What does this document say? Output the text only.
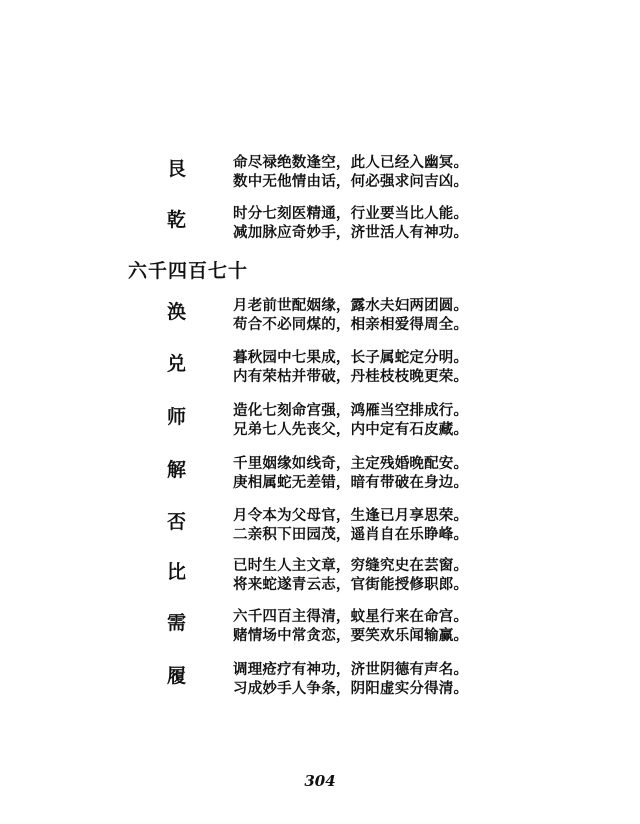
艮	命尽禄绝数逢空，此人已经入幽冥。
数中无他情由话，何必强求问吉凶。
乾	时分七刻医精通，行业要当比人能。
减加脉应奇妙手，济世活人有神功。
六千四百七十
涣	月老前世配姻缘，露水夫妇两团圆。
苟合不必同煤的，相亲相爱得周全。
兑	暮秋园中七果成，长子属蛇定分明。
内有荣枯并带破，丹桂枝枝晚更荣。
师	造化七刻命宫强，鸿雁当空排成行。
兄弟七人先丧父，内中定有石皮藏。
解	千里姻缘如线奇，主定残婚晚配安。
庚相属蛇无差错，暗有带破在身边。
否	月令本为父母官，生逢已月享思荣。
二亲积下田园茂，遥肖自在乐睁峰。
比	已时生人主文章，穷缝究史在芸窗。
将来蛇遂青云志，官街能授修职郎。
需	六千四百主得清，蚊星行来在命宫。
赌情场中常贪恋，要笑欢乐闻输赢。
履	调理疮疗有神功，济世阴德有声名。
习成妙手人争条，阴阳虚实分得清。
304
